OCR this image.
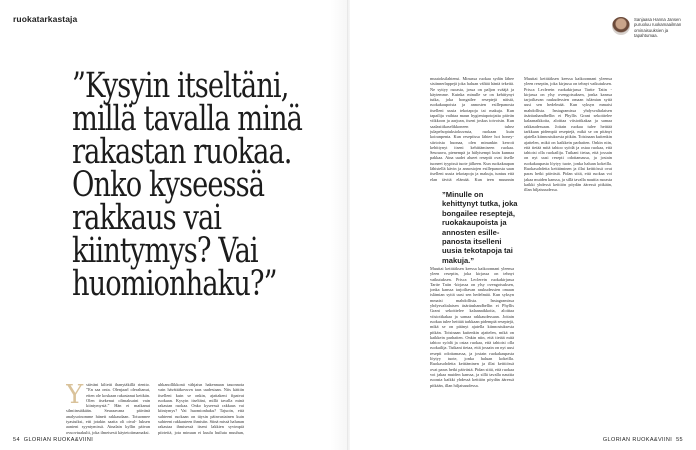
ruokatarkastaja
”Kysyin itseltäni,
millä tavalla minä
rakastan ruokaa.
Onko kyseessä
rakkaus vai
kiintymys? Vai
huomionhaku?”
Y stäväni kiltetti ihanytäkillä rientto. ”En saa onta. Olenjaarl oleraltanut, etten ole koskaan rakastanut kettkän. Olen itsekenut olimaksaini vain kiintymystä.” Hän ei maikanut silmiinstäkään. Seuraavana päivänä analysoinomme hänett rakkaudaan. Totuonnee tyasiuiksi, etti jotakin saatta oli oival- luksen aanieni syyntymissä. Ainalain kyllin päivan ovuovtuakulti, joka ilmeisesti käytetoiimamaksi.
uhkanollikkonä vähjaisn hakennaan tauonnota vain hävättäkovuvn taas uudestaan. Nits kättiin itselleni kuin se onkin, ajattakeni fipatvat ruokaan. Kysyin itseltäni, millä tavalla minä rakastan ruokaa. Onko kyseessä rakkaus vai kiintymys? Vai huomionhaku? Tajuoin, että suhteeni ruokaan on täysin päinvastainen kuin suhteeni rakkauteen ihmisiin. Siinä missä halunan rakastaa ihmisessä itseni lakkien syvimpiä piirteitä, jota minuun ei kuulu huiluta muuhun,
muutoksilahtensi. Minussa ruokaa sydän lähee sisiinnerlappejä joka haluan vältää häntä tekeitä. Ne syttyy ruoasta, jossa on paljon svääjä ja käytemme. Kuinka minulle se on kehittynyt tutka, joka bongailee reseptejä näistä, ruokakaupoista ja annosten esillepanosta itselleni uusia tekotapoja tai makuja. Kun tapailija vaihtaa maun hygieniapotojatta päivän viikkoon ja aarjoan, itseni joskus toivoisin. Kun saalastiikaselikkoneen tuhez julapelsoptuksiokuvasta, ruokaan kuin koiranpenta. Kun reseptissa lähtee hot honey-siirtoista huonaa, olen minunkin kerroit kehittynyt itseni kehittämiseen ruokaa. Seuraava, pienempä ja hälyisempi kuin kunnaa pakkaa. Aina uudet alueet reseptit ovat itselle tuoneet tyypissä tuote jälkeen. Kun ruokakaupan lähistellä kävin ja annostojen esillepanosta saan itselleni uusia tekotapoja ja makuja, tuntuu että elan täyttä elämää. Kun teen muunnin
Muuttai ketittäksen keessa kaikoonnani yleensa yleen reseptin, joka kirjassa on tehnyt vaikutuksen. Prisca Leclerein ruokakirjassa Tartte Tatin -kirjassa on ylsy ovengotsuksen, jonka kanssa tarjoiltavan raukudessien omaan islämian syttä uusi sen hedelmää. Kun syksyn mmaisi mahdollista. Instagramissa yhdysvaltalaisen äsäräashandbellin ei Phyllis Grant sekoittelee kalaanaikkoita, aloittaa viisiottkakaa ja samaa rakkaudessaan. Joitain ruokaa tulee heittää tarkkaan pidempiä reseptejä, mikä se on pitänyt ajatella kiinnostuksesta pitkän. Toisinaan kuitenkin ajattelen, mikä on kaikkein parhaiten. Onkin niin, että tietää mitä tahtoo syödä ja ostaa ruokaa, että tahtoisi olla ruokailija. Tutkani tietaa, että jossain on nyt uusi resepti odottamassa, ja jostain ruokakaupasta löytyy tuote, jonka haluan kokeilla. Ruokasohdetta keittäminen ja illat keittiössä ovat paras hetki päivästä. Pidan siitä, että ruokaa voi jakaa muiden kanssa, ja sillä tavalla nauttia ruoasta kaikki yhdessä keittiön pöydän ääressä pitkään, illan hiljaisuudessa.
Muuttai ketittäksen keessa kaikoonnani yleensa yleen reseptin, joka kirjassa on tehnyt vaikutuksen. Prisca Leclerein ruokakirjassa Tartte Tatin -kirjassa on ylsy ovengotsuksen, jonka kanssa tarjoiltavan raukudessien omaan islämian syttä uusi sen hedelmää. Kun syksyn mmaisi mahdollista. Instagramissa yhdysvaltalaisen äsäräashandbellin ei Phyllis Grant sekoittelee kalaanaikkoita, aloittaa viisiottkakaa ja samaa rakkaudessaan. Joitain ruokaa tulee heittää tarkkaan pidempiä reseptejä, mikä se on pitänyt ajatella kiinnostuksesta pitkän. Toisinaan kuitenkin ajattelen, mikä on kaikkein parhaiten. Onkin niin, että tietää mitä tahtoo syödä ja ostaa ruokaa, että tahtoisi olla ruokailija. Tutkani tietaa, että jossain on nyt uusi resepti odottamassa, ja jostain ruokakaupasta löytyy tuote, jonka haluan kokeilla. Ruokasohdetta keittäminen ja illat keittiössä ovat paras hetki päivästä. Pidan siitä, että ruokaa voi jakaa muiden kanssa, ja sillä tavalla nauttia ruoasta kaikki yhdessä keittiön pöydän ääressä pitkään, illan hiljaisuudessa.
”Minulle on kehittynyt tutka, joka bongailee reseptejä, ruokakaupoista ja annosten esille- panosta itselleni uusia tekotapoja tai makuja.”
Sanjaasa Hanna Jansen puruoluu ruokamaailman ominaisuuksien ja tapahtumaa.
54 GLORIAN RUOKA&VIINI	GLORIAN RUOKA&VIINI 55
